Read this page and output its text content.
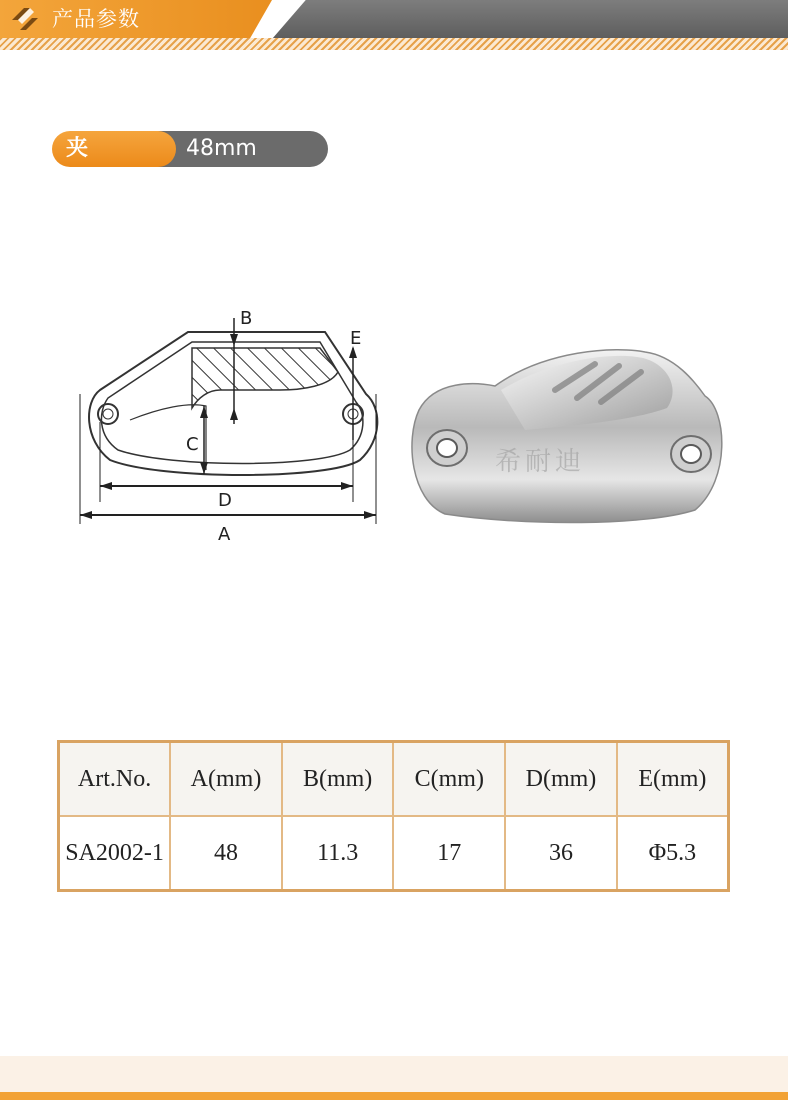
产品参数
夹绳器
48mm
B
E
C
D
A
希耐迪
Art.No.	A(mm)	B(mm)	C(mm)	D(mm)	E(mm)
SA2002-1	48	11.3	17	36	Φ5.3
